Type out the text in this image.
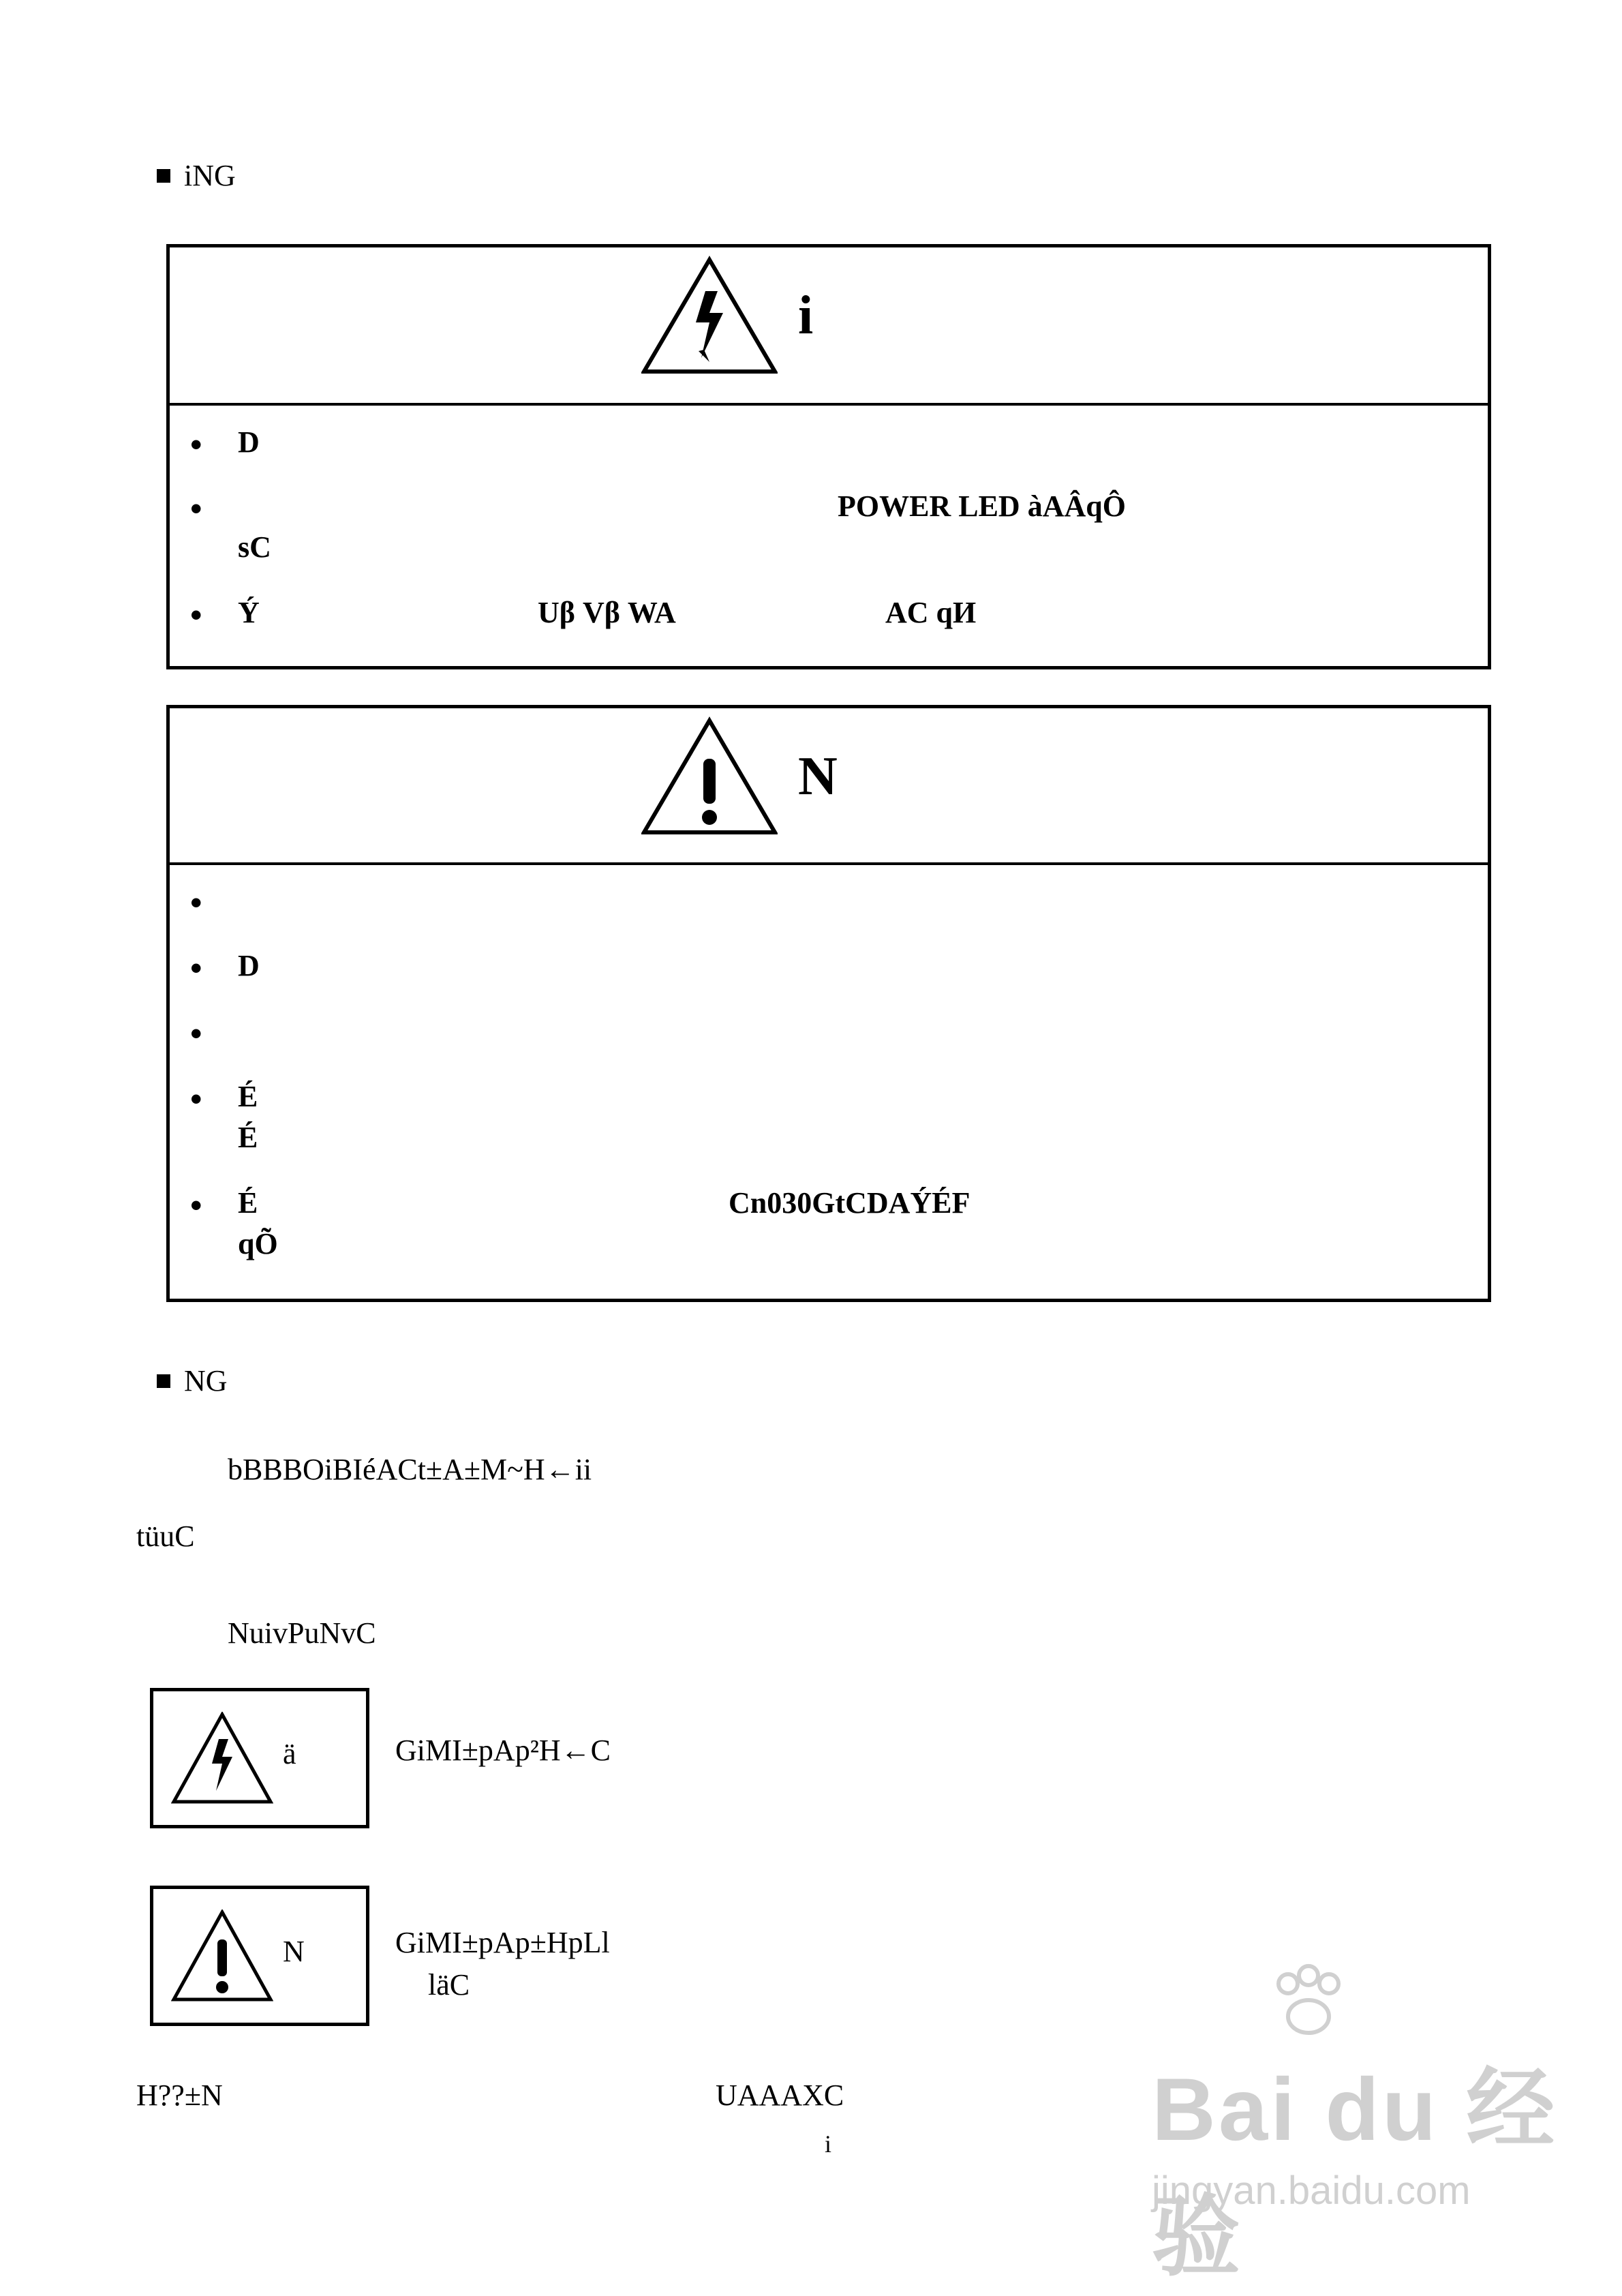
iNG
i
• D
•	POWER LED àAÂqÔ
sC
• Ý	Uβ Vβ WA	AC qИ
N
•
• D
•
• É
É
• É	Cn030GtCDAÝÉF
qÕ
NG
bBBBOiBIéACt±A±M~H←ii
tüuC
NuivPuNvC
ä	GiMI±pAp²H←C
N	GiMI±pAp±HpLl
läC
H??±N	UAAAXC
i	Bai du 经验
jingyan.baidu.com
